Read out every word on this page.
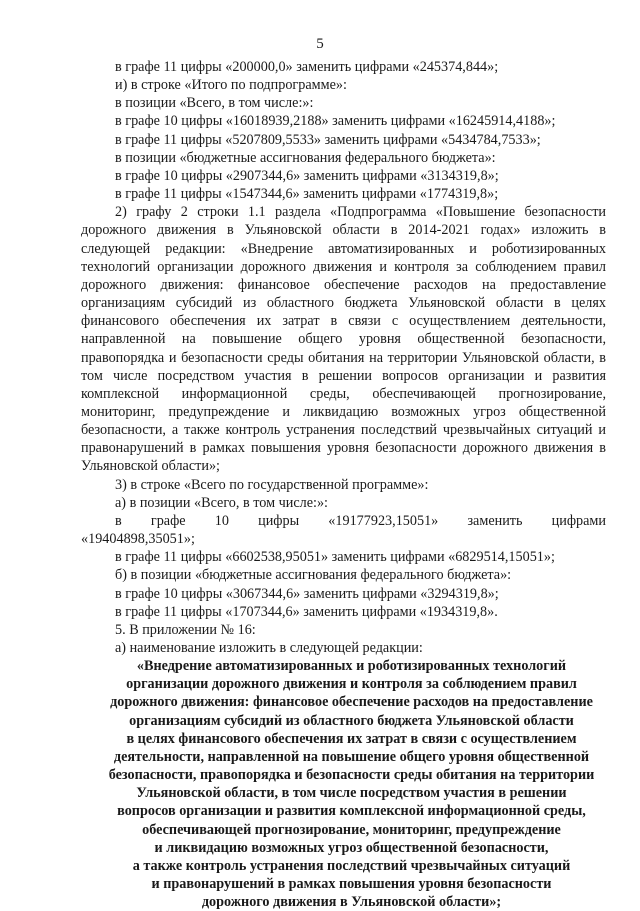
5

в графе 11 цифры «200000,0» заменить цифрами «245374,844»;

и) в строке «Итого по подпрограмме»:

в позиции «Всего, в том числе:»:

в графе 10 цифры «16018939,2188» заменить цифрами «16245914,4188»;

в графе 11 цифры «5207809,5533» заменить цифрами «5434784,7533»;

в позиции «бюджетные ассигнования федерального бюджета»:

в графе 10 цифры «2907344,6» заменить цифрами «3134319,8»;

в графе 11 цифры «1547344,6» заменить цифрами «1774319,8»;

2) графу 2 строки 1.1 раздела «Подпрограмма «Повышение безопасности дорожного движения в Ульяновской области в 2014-2021 годах» изложить в следующей редакции: «Внедрение автоматизированных и роботизированных технологий организации дорожного движения и контроля за соблюдением правил дорожного движения: финансовое обеспечение расходов на предоставление организациям субсидий из областного бюджета Ульяновской области в целях финансового обеспечения их затрат в связи с осуществлением деятельности, направленной на повышение общего уровня общественной безопасности, правопорядка и безопасности среды обитания на территории Ульяновской области, в том числе посредством участия в решении вопросов организации и развития комплексной информационной среды, обеспечивающей прогнозирование, мониторинг, предупреждение и ликвидацию возможных угроз общественной безопасности, а также контроль устранения последствий чрезвычайных ситуаций и правонарушений в рамках повышения уровня безопасности дорожного движения в Ульяновской области»;

3) в строке «Всего по государственной программе»:

а) в позиции «Всего, в том числе:»:

в графе 10 цифры «19177923,15051» заменить цифрами «19404898,35051»;

в графе 11 цифры «6602538,95051» заменить цифрами «6829514,15051»;

б) в позиции «бюджетные ассигнования федерального бюджета»:

в графе 10 цифры «3067344,6» заменить цифрами «3294319,8»;

в графе 11 цифры «1707344,6» заменить цифрами «1934319,8».

5. В приложении № 16:

а) наименование изложить в следующей редакции:

«Внедрение автоматизированных и роботизированных технологий

организации дорожного движения и контроля за соблюдением правил

дорожного движения: финансовое обеспечение расходов на предоставление

организациям субсидий из областного бюджета Ульяновской области

в целях финансового обеспечения их затрат в связи с осуществлением

деятельности, направленной на повышение общего уровня общественной

безопасности, правопорядка и безопасности среды обитания на территории

Ульяновской области, в том числе посредством участия в решении

вопросов организации и развития комплексной информационной среды,

обеспечивающей прогнозирование, мониторинг, предупреждение

и ликвидацию возможных угроз общественной безопасности,

а также контроль устранения последствий чрезвычайных ситуаций

и правонарушений в рамках повышения уровня безопасности

дорожного движения в Ульяновской области»;
